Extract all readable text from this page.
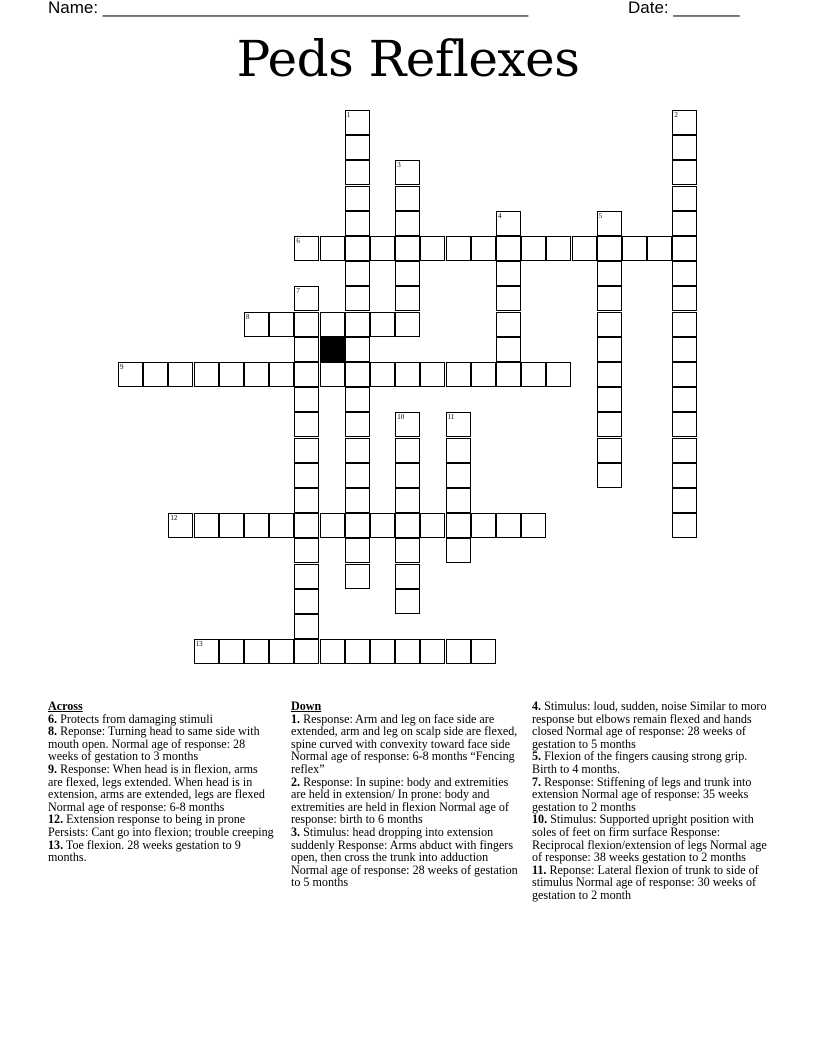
Name: _____________________________________________	Date: _______
Peds Reflexes
1	2
3
4	5
6
7
8
9
10	11
12
13
Across
6. Protects from damaging stimuli
8. Reponse: Turning head to same side with mouth open. Normal age of response: 28 weeks of gestation to 3 months
9. Response: When head is in flexion, arms are flexed, legs extended. When head is in extension, arms are extended, legs are flexed Normal age of response: 6-8 months
12. Extension response to being in prone Persists: Cant go into flexion; trouble creeping
13. Toe flexion. 28 weeks gestation to 9 months.
Down
1. Response: Arm and leg on face side are extended, arm and leg on scalp side are flexed, spine curved with convexity toward face side Normal age of response: 6-8 months “Fencing reflex”
2. Response: In supine: body and extremities are held in extension/ In prone: body and extremities are held in flexion Normal age of response: birth to 6 months
3. Stimulus: head dropping into extension suddenly Response: Arms abduct with fingers open, then cross the trunk into adduction Normal age of response: 28 weeks of gestation to 5 months
4. Stimulus: loud, sudden, noise Similar to moro response but elbows remain flexed and hands closed Normal age of response: 28 weeks of gestation to 5 months
5. Flexion of the fingers causing strong grip. Birth to 4 months.
7. Response: Stiffening of legs and trunk into extension Normal age of response: 35 weeks gestation to 2 months
10. Stimulus: Supported upright position with soles of feet on firm surface Response: Reciprocal flexion/extension of legs Normal age of response: 38 weeks gestation to 2 months
11. Reponse: Lateral flexion of trunk to side of stimulus Normal age of response: 30 weeks of gestation to 2 month
